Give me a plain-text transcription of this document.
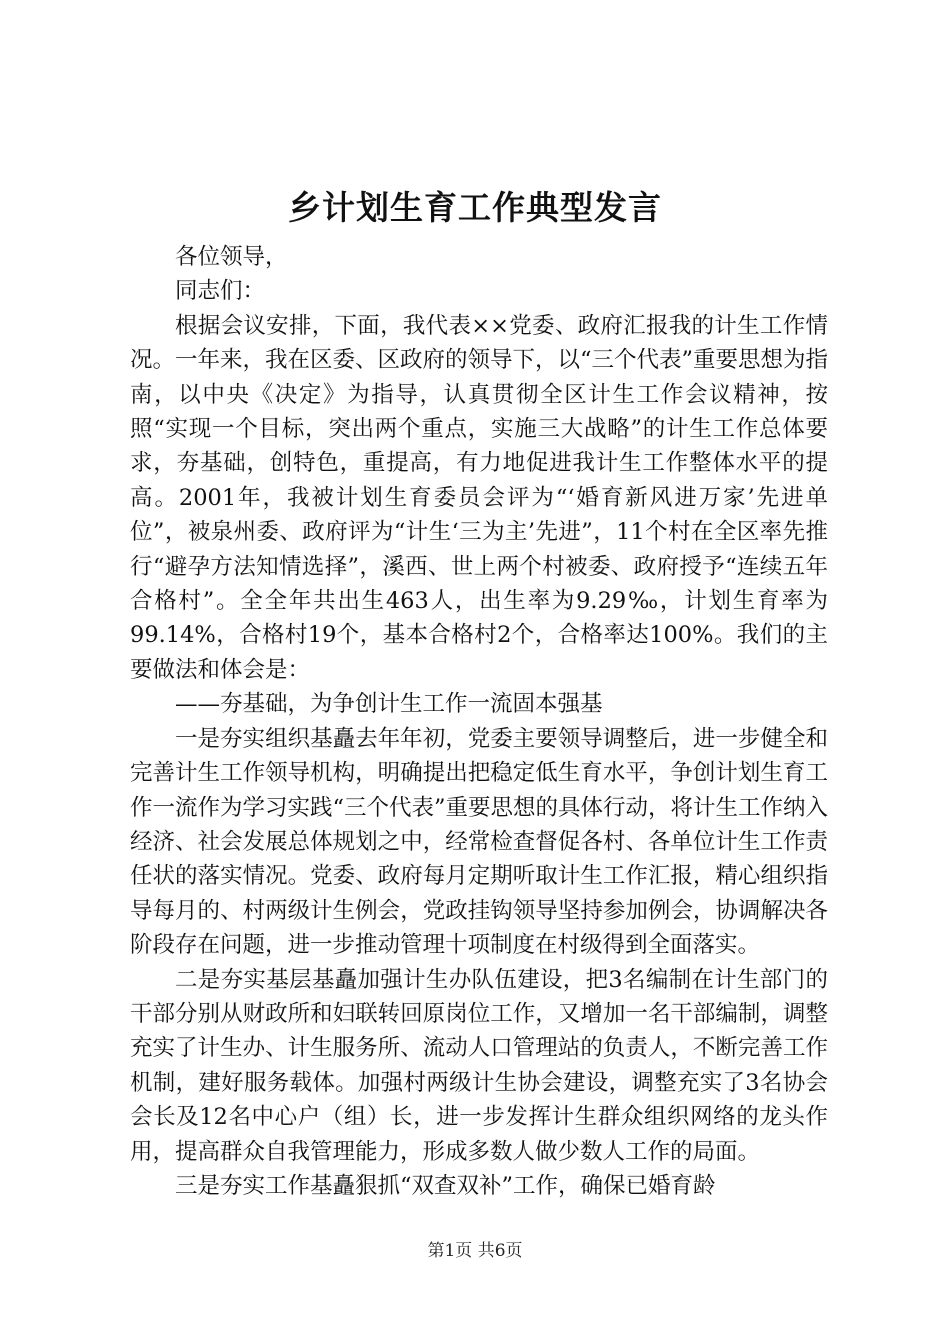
乡计划生育工作典型发言

各位领导，

同志们：

根据会议安排，下面，我代表××党委、政府汇报我的计生工作情况。一年来，我在区委、区政府的领导下，以“三个代表”重要思想为指南，以中央《决定》为指导，认真贯彻全区计生工作会议精神，按照“实现一个目标，突出两个重点，实施三大战略”的计生工作总体要求，夯基础，创特色，重提高，有力地促进我计生工作整体水平的提高。2001年，我被计划生育委员会评为“‘婚育新风进万家’先进单位”，被泉州委、政府评为“计生‘三为主’先进”，11个村在全区率先推行“避孕方法知情选择”，溪西、世上两个村被委、政府授予“连续五年合格村”。全全年共出生463人，出生率为9.29‰，计划生育率为99.14%，合格村19个，基本合格村2个，合格率达100%。我们的主要做法和体会是：

——夯基础，为争创计生工作一流固本强基

一是夯实组织基矗去年年初，党委主要领导调整后，进一步健全和完善计生工作领导机构，明确提出把稳定低生育水平，争创计划生育工作一流作为学习实践“三个代表”重要思想的具体行动，将计生工作纳入经济、社会发展总体规划之中，经常检查督促各村、各单位计生工作责任状的落实情况。党委、政府每月定期听取计生工作汇报，精心组织指导每月的、村两级计生例会，党政挂钩领导坚持参加例会，协调解决各阶段存在问题，进一步推动管理十项制度在村级得到全面落实。

二是夯实基层基矗加强计生办队伍建设，把3名编制在计生部门的干部分别从财政所和妇联转回原岗位工作，又增加一名干部编制，调整充实了计生办、计生服务所、流动人口管理站的负责人，不断完善工作机制，建好服务载体。加强村两级计生协会建设，调整充实了3名协会会长及12名中心户（组）长，进一步发挥计生群众组织网络的龙头作用，提高群众自我管理能力，形成多数人做少数人工作的局面。

三是夯实工作基矗狠抓“双查双补”工作，确保已婚育龄

第1页 共6页
